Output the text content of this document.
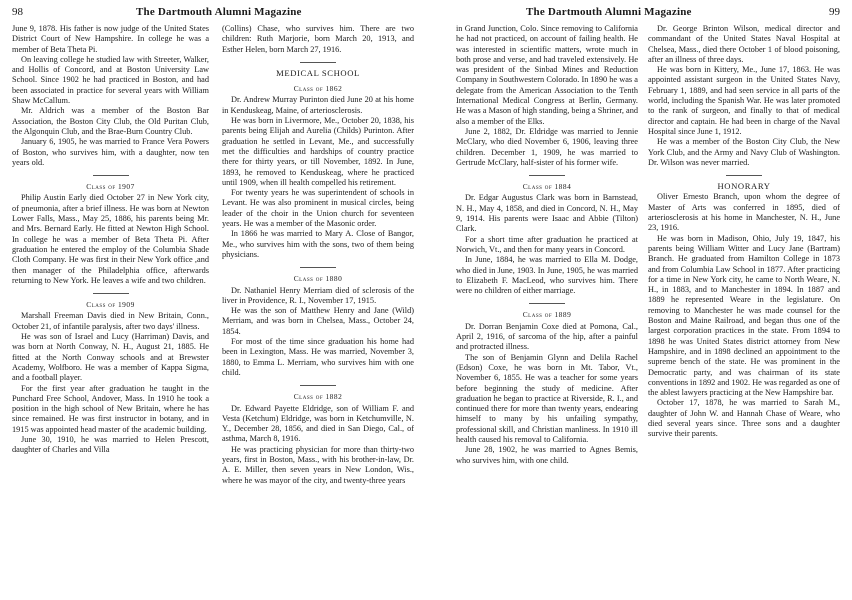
98	The Dartmouth Alumni Magazine

June 9, 1878. His father is now judge of the United States District Court of New Hampshire. In college he was a member of Beta Theta Pi.

On leaving college he studied law with Streeter, Walker, and Hollis of Concord, and at Boston University Law School. Since 1902 he had practiced in Boston, and had been associated in practice for several years with William Shaw McCallum.

Mr. Aldrich was a member of the Boston Bar Association, the Boston City Club, the Old Puritan Club, the Algonquin Club, and the Brae-Burn Country Club.

January 6, 1905, he was married to France Vera Powers of Boston, who survives him, with a daughter, now ten years old.

Class of 1907

Philip Austin Early died October 27 in New York city, of pneumonia, after a brief illness. He was born at Newton Lower Falls, Mass., May 25, 1886, his parents being Mr. and Mrs. Bernard Early. He fitted at Newton High School. In college he was a member of Beta Theta Pi. After graduation he entered the employ of the Columbia Shade Cloth Company. He was first in their New York office ,and then manager of the Philadelphia office, afterwards returning to New York. He leaves a wife and two children.

Class of 1909

Marshall Freeman Davis died in New Britain, Conn., October 21, of infantile paralysis, after two days' illness.

He was son of Israel and Lucy (Harriman) Davis, and was born at North Conway, N. H., August 21, 1885. He fitted at the North Conway schools and at Brewster Academy, Wolfboro. He was a member of Kappa Sigma, and a football player.

For the first year after graduation he taught in the Punchard Free School, Andover, Mass. In 1910 he took a position in the high school of New Britain, where he has since remained. He was first instructor in botany, and in 1915 was appointed head master of the academic building.

June 30, 1910, he was married to Helen Prescott, daughter of Charles and Villa

(Collins) Chase, who survives him. There are two children: Ruth Marjorie, born March 20, 1913, and Esther Helen, born March 27, 1916.

MEDICAL SCHOOL
Class of 1862

Dr. Andrew Murray Purinton died June 20 at his home in Kenduskeag, Maine, of arteriosclerosis.

He was born in Livermore, Me., October 20, 1838, his parents being Elijah and Aurelia (Childs) Purinton. After graduation he settled in Levant, Me., and successfully met the difficulties and hardships of country practice there for thirty years, or till November, 1892. In June, 1893, he removed to Kenduskeag, where he practiced until 1909, when ill health compelled his retirement.

For twenty years he was superintendent of schools in Levant. He was also prominent in musical circles, being leader of the choir in the Union church for seventeen years. He was a member of the Masonic order.

In 1866 he was married to Mary A. Close of Bangor, Me., who survives him with the sons, two of them being physicians.

Class of 1880

Dr. Nathaniel Henry Merriam died of sclerosis of the liver in Providence, R. I., November 17, 1915.

He was the son of Matthew Henry and Jane (Wild) Merriam, and was born in Chelsea, Mass., October 24, 1854.

For most of the time since graduation his home had been in Lexington, Mass. He was married, November 3, 1880, to Emma L. Merriam, who survives him with one child.

Class of 1882

Dr. Edward Payette Eldridge, son of William F. and Vesta (Ketchum) Eldridge, was born in Ketchumville, N. Y., December 28, 1856, and died in San Diego, Cal., of asthma, March 8, 1916.

He was practicing physician for more than thirty-two years, first in Boston, Mass., with his brother-in-law, Dr. A. E. Miller, then seven years in New London, Wis., where he was mayor of the city, and twenty-three years

99
The Dartmouth Alumni Magazine

in Grand Junction, Colo. Since removing to California he had not practiced, on account of failing health. He was interested in scientific matters, wrote much in both prose and verse, and had traveled extensively. He was president of the Sinbad Mines and Reduction Company in Southwestern Colorado. In 1890 he was a delegate from the American Association to the Tenth International Medical Congress at Berlin, Germany. He was a Mason of high standing, being a Shriner, and also a member of the Elks.

June 2, 1882, Dr. Eldridge was married to Jennie McClary, who died November 6, 1906, leaving three children. December 1, 1909, he was married to Gertrude McClary, half-sister of his former wife.

Class of 1884

Dr. Edgar Augustus Clark was born in Barnstead, N. H., May 4, 1858, and died in Concord, N. H., May 9, 1914. His parents were Isaac and Abbie (Tilton) Clark.

For a short time after graduation he practiced at Norwich, Vt., and then for many years in Concord.

In June, 1884, he was married to Ella M. Dodge, who died in June, 1903. In June, 1905, he was married to Elizabeth F. MacLeod, who survives him. There were no children of either marriage.

Class of 1889

Dr. Dorran Benjamin Coxe died at Pomona, Cal., April 2, 1916, of sarcoma of the hip, after a painful and protracted illness.

The son of Benjamin Glynn and Delila Rachel (Edson) Coxe, he was born in Mt. Tabor, Vt., November 6, 1855. He was a teacher for some years before beginning the study of medicine. After graduation he began to practice at Riverside, R. I., and continued there for more than twenty years, endearing himself to many by his unfailing sympathy, professional skill, and Christian manliness. In 1910 ill health caused his removal to California.

June 28, 1902, he was married to Agnes Bemis, who survives him, with one child.

Dr. George Brinton Wilson, medical director and commandant of the United States Naval Hospital at Chelsea, Mass., died there October 1 of blood poisoning, after an illness of three days.

He was born in Kittery, Me., June 17, 1863. He was appointed assistant surgeon in the United States Navy, February 1, 1889, and had seen service in all parts of the world, including the Spanish War. He was later promoted to the rank of surgeon, and finally to that of medical director and captain. He had been in charge of the Naval Hospital since June 1, 1912.

He was a member of the Boston City Club, the New York Club, and the Army and Navy Club of Washington. Dr. Wilson was never married.

HONORARY

Oliver Ernesto Branch, upon whom the degree of Master of Arts was conferred in 1895, died of arteriosclerosis at his home in Manchester, N. H., June 23, 1916.

He was born in Madison, Ohio, July 19, 1847, his parents being William Witter and Lucy Jane (Bartram) Branch. He graduated from Hamilton College in 1873 and from Columbia Law School in 1877. After practicing for a time in New York city, he came to North Weare, N. H., in 1883, and to Manchester in 1894. In 1887 and 1889 he represented Weare in the legislature. On removing to Manchester he was made counsel for the Boston and Maine Railroad, and began thus one of the largest corporation practices in the state. From 1894 to 1898 he was United States district attorney from New Hampshire, and in 1898 declined an appointment to the supreme bench of the state. He was prominent in the Democratic party, and was chairman of its state conventions in 1892 and 1902. He was regarded as one of the ablest lawyers practicing at the New Hampshire bar.

October 17, 1878, he was married to Sarah M., daughter of John W. and Hannah Chase of Weare, who died several years since. Three sons and a daughter survive their parents.
